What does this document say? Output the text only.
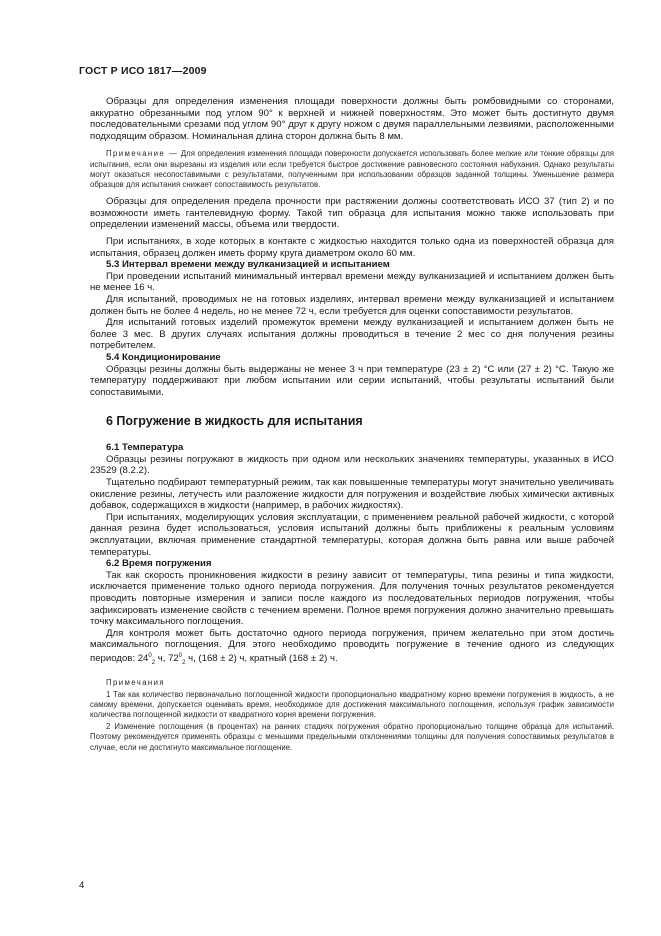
ГОСТ Р ИСО 1817—2009

Образцы для определения изменения площади поверхности должны быть ромбовидными со сторонами, аккуратно обрезанными под углом 90° к верхней и нижней поверхностям. Это может быть достигнуто двумя последовательными срезами под углом 90° друг к другу ножом с двумя параллельными лезвиями, расположенными подходящим образом. Номинальная длина сторон должна быть 8 мм.

Примечание — Для определения изменения площади поверхности допускается использовать более мелкие или тонкие образцы для испытания, если они вырезаны из изделия или если требуется быстрое достижение равновесного состояния набухания. Однако результаты могут оказаться несопоставимыми с результатами, полученными при использовании образцов заданной толщины. Уменьшение размера образцов для испытания снижает сопоставимость результатов.

Образцы для определения предела прочности при растяжении должны соответствовать ИСО 37 (тип 2) и по возможности иметь гантелевидную форму. Такой тип образца для испытания можно также использовать при определении изменений массы, объема или твердости.

При испытаниях, в ходе которых в контакте с жидкостью находится только одна из поверхностей образца для испытания, образец должен иметь форму круга диаметром около 60 мм.

5.3 Интервал времени между вулканизацией и испытанием

При проведении испытаний минимальный интервал времени между вулканизацией и испытанием должен быть не менее 16 ч.

Для испытаний, проводимых не на готовых изделиях, интервал времени между вулканизацией и испытанием должен быть не более 4 недель, но не менее 72 ч, если требуется для оценки сопоставимости результатов.

Для испытаний готовых изделий промежуток времени между вулканизацией и испытанием должен быть не более 3 мес. В других случаях испытания должны проводиться в течение 2 мес со дня получения резины потребителем.

5.4 Кондиционирование

Образцы резины должны быть выдержаны не менее 3 ч при температуре (23 ± 2) °С или (27 ± 2) °С. Такую же температуру поддерживают при любом испытании или серии испытаний, чтобы результаты испытаний были сопоставимыми.

6 Погружение в жидкость для испытания

6.1 Температура

Образцы резины погружают в жидкость при одном или нескольких значениях температуры, указанных в ИСО 23529 (8.2.2).

Тщательно подбирают температурный режим, так как повышенные температуры могут значительно увеличивать окисление резины, летучесть или разложение жидкости для погружения и воздействие любых химически активных добавок, содержащихся в жидкости (например, в рабочих жидкостях).

При испытаниях, моделирующих условия эксплуатации, с применением реальной рабочей жидкости, с которой данная резина будет использоваться, условия испытаний должны быть приближены к реальным условиям эксплуатации, включая применение стандартной температуры, которая должна быть равна или выше рабочей температуры.

6.2 Время погружения

Так как скорость проникновения жидкости в резину зависит от температуры, типа резины и типа жидкости, исключается применение только одного периода погружения. Для получения точных результатов рекомендуется проводить повторные измерения и записи после каждого из последовательных периодов погружения, чтобы зафиксировать изменение свойств с течением времени. Полное время погружения должно значительно превышать точку максимального поглощения.

Для контроля может быть достаточно одного периода погружения, причем желательно при этом достичь максимального поглощения. Для этого необходимо проводить погружение в течение одного из следующих периодов: $24^0_2$ ч, $72^0_2$ ч, (168 ± 2) ч, кратный (168 ± 2) ч.

Примечания

1 Так как количество первоначально поглощенной жидкости пропорционально квадратному корню времени погружения в жидкость, а не самому времени, допускается оценивать время, необходимое для достижения максимального поглощения, используя график зависимости количества поглощенной жидкости от квадратного корня времени погружения.

2 Изменение поглощения (в процентах) на ранних стадиях погружения обратно пропорционально толщине образца для испытаний. Поэтому рекомендуется применять образцы с меньшими предельными отклонениями толщины для получения сопоставимых результатов в случае, если не достигнуто максимальное поглощение.

4
